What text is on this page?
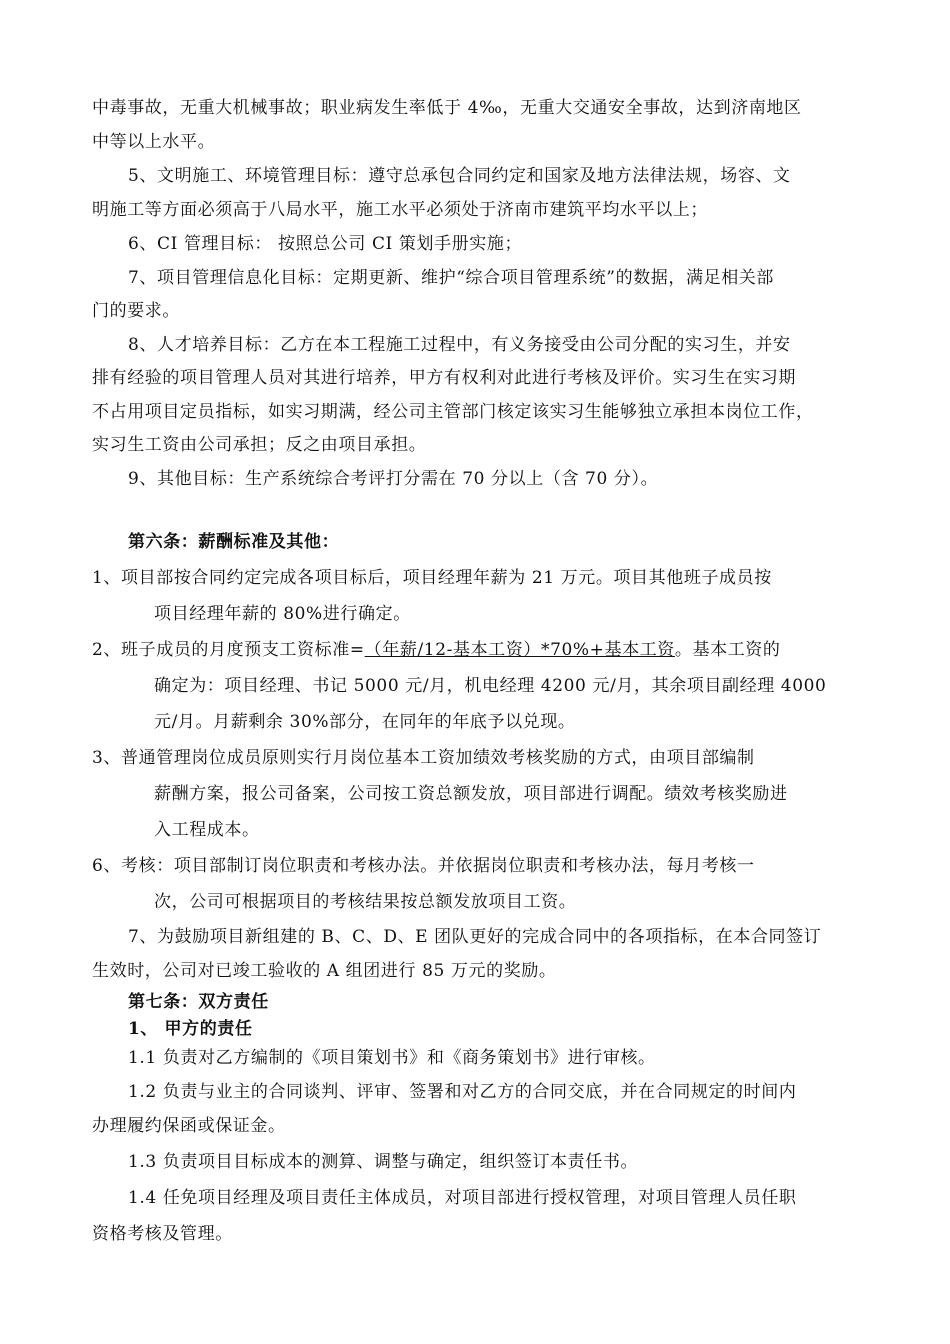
中毒事故，无重大机械事故；职业病发生率低于 4‰，无重大交通安全事故，达到济南地区
中等以上水平。
5、文明施工、环境管理目标：遵守总承包合同约定和国家及地方法律法规，场容、文
明施工等方面必须高于八局水平，施工水平必须处于济南市建筑平均水平以上；
6、CI 管理目标： 按照总公司 CI 策划手册实施；
7、项目管理信息化目标：定期更新、维护“综合项目管理系统”的数据，满足相关部
门的要求。
8、人才培养目标：乙方在本工程施工过程中，有义务接受由公司分配的实习生，并安
排有经验的项目管理人员对其进行培养，甲方有权利对此进行考核及评价。实习生在实习期
不占用项目定员指标，如实习期满，经公司主管部门核定该实习生能够独立承担本岗位工作，
实习生工资由公司承担；反之由项目承担。
9、其他目标：生产系统综合考评打分需在 70 分以上（含 70 分）。
第六条：薪酬标准及其他：
1、项目部按合同约定完成各项目标后，项目经理年薪为 21 万元。项目其他班子成员按
项目经理年薪的 80%进行确定。
2、班子成员的月度预支工资标准=（年薪/12-基本工资）*70%+基本工资。基本工资的
确定为：项目经理、书记 5000 元/月，机电经理 4200 元/月，其余项目副经理 4000
元/月。月薪剩余 30%部分，在同年的年底予以兑现。
3、普通管理岗位成员原则实行月岗位基本工资加绩效考核奖励的方式，由项目部编制
薪酬方案，报公司备案，公司按工资总额发放，项目部进行调配。绩效考核奖励进
入工程成本。
6、考核：项目部制订岗位职责和考核办法。并依据岗位职责和考核办法，每月考核一
次，公司可根据项目的考核结果按总额发放项目工资。
7、为鼓励项目新组建的 B、C、D、E 团队更好的完成合同中的各项指标，在本合同签订
生效时，公司对已竣工验收的 A 组团进行 85 万元的奖励。
第七条：双方责任
1、 甲方的责任
1.1 负责对乙方编制的《项目策划书》和《商务策划书》进行审核。
1.2 负责与业主的合同谈判、评审、签署和对乙方的合同交底，并在合同规定的时间内
办理履约保函或保证金。
1.3 负责项目目标成本的测算、调整与确定，组织签订本责任书。
1.4 任免项目经理及项目责任主体成员，对项目部进行授权管理，对项目管理人员任职
资格考核及管理。
